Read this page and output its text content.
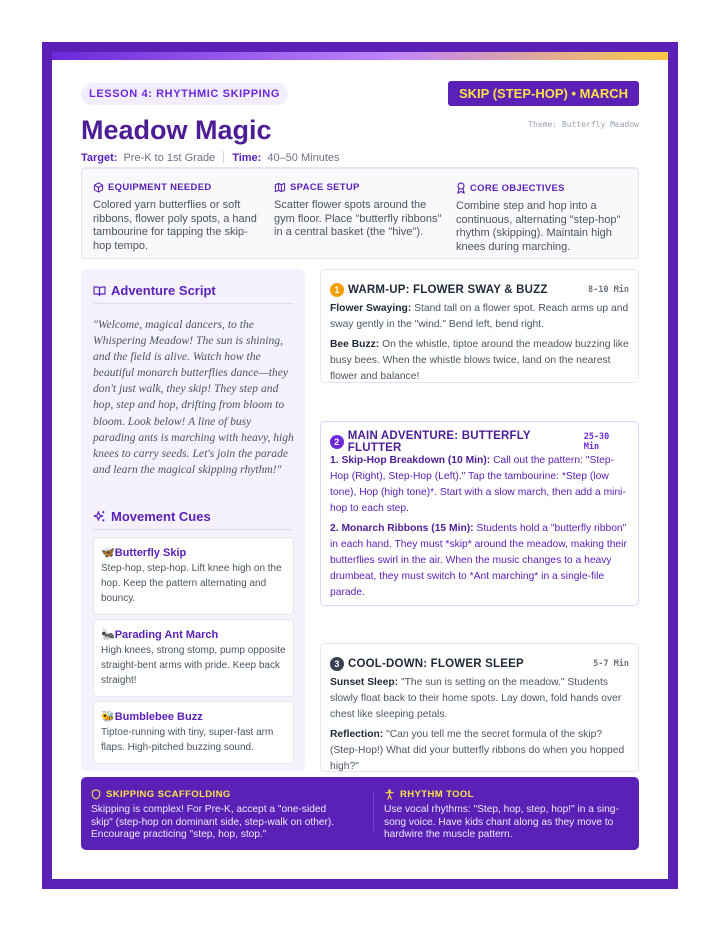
LESSON 4: RHYTHMIC SKIPPING
Meadow Magic
Target: Pre-K to 1st Grade Time: 40–50 Minutes
SKIP (STEP-HOP) • MARCH
Theme: Butterfly Meadow
EQUIPMENT NEEDED
Colored yarn butterflies or soft ribbons, flower poly spots, a hand tambourine for tapping the skip-hop tempo.
SPACE SETUP
Scatter flower spots around the gym floor. Place "butterfly ribbons" in a central basket (the "hive").
CORE OBJECTIVES
Combine step and hop into a continuous, alternating "step-hop" rhythm (skipping). Maintain high knees during marching.
Adventure Script
"Welcome, magical dancers, to the Whispering Meadow! The sun is shining, and the field is alive. Watch how the beautiful monarch butterflies dance—they don't just walk, they skip! They step and hop, step and hop, drifting from bloom to bloom. Look below! A line of busy parading ants is marching with heavy, high knees to carry seeds. Let's join the parade and learn the magical skipping rhythm!"
Movement Cues
🦋Butterfly Skip
Step-hop, step-hop. Lift knee high on the hop. Keep the pattern alternating and bouncy.
🐜Parading Ant March
High knees, strong stomp, pump opposite straight-bent arms with pride. Keep back straight!
🐝Bumblebee Buzz
Tiptoe-running with tiny, super-fast arm flaps. High-pitched buzzing sound.
1 WARM-UP: FLOWER SWAY & BUZZ	8-10 Min

Flower Swaying: Stand tall on a flower spot. Reach arms up and sway gently in the "wind." Bend left, bend right.

Bee Buzz: On the whistle, tiptoe around the meadow buzzing like busy bees. When the whistle blows twice, land on the nearest flower and balance!

2 MAIN ADVENTURE: BUTTERFLY FLUTTER
25-30 Min

1. Skip-Hop Breakdown (10 Min): Call out the pattern: "Step-Hop (Right), Step-Hop (Left)." Tap the tambourine: *Step (low tone), Hop (high tone)*. Start with a slow march, then add a mini-hop to each step.

2. Monarch Ribbons (15 Min): Students hold a "butterfly ribbon" in each hand. They must *skip* around the meadow, making their butterflies swirl in the air. When the music changes to a heavy drumbeat, they must switch to *Ant marching* in a single-file parade.

3 COOL-DOWN: FLOWER SLEEP	5-7 Min

Sunset Sleep: "The sun is setting on the meadow." Students slowly float back to their home spots. Lay down, fold hands over chest like sleeping petals.

Reflection: "Can you tell me the secret formula of the skip? (Step-Hop!) What did your butterfly ribbons do when you hopped high?"

SKIPPING SCAFFOLDING
Skipping is complex! For Pre-K, accept a "one-sided skip" (step-hop on dominant side, step-walk on other). Encourage practicing "step, hop, stop."
RHYTHM TOOL
Use vocal rhythms: "Step, hop, step, hop!" in a sing-song voice. Have kids chant along as they move to hardwire the muscle pattern.
